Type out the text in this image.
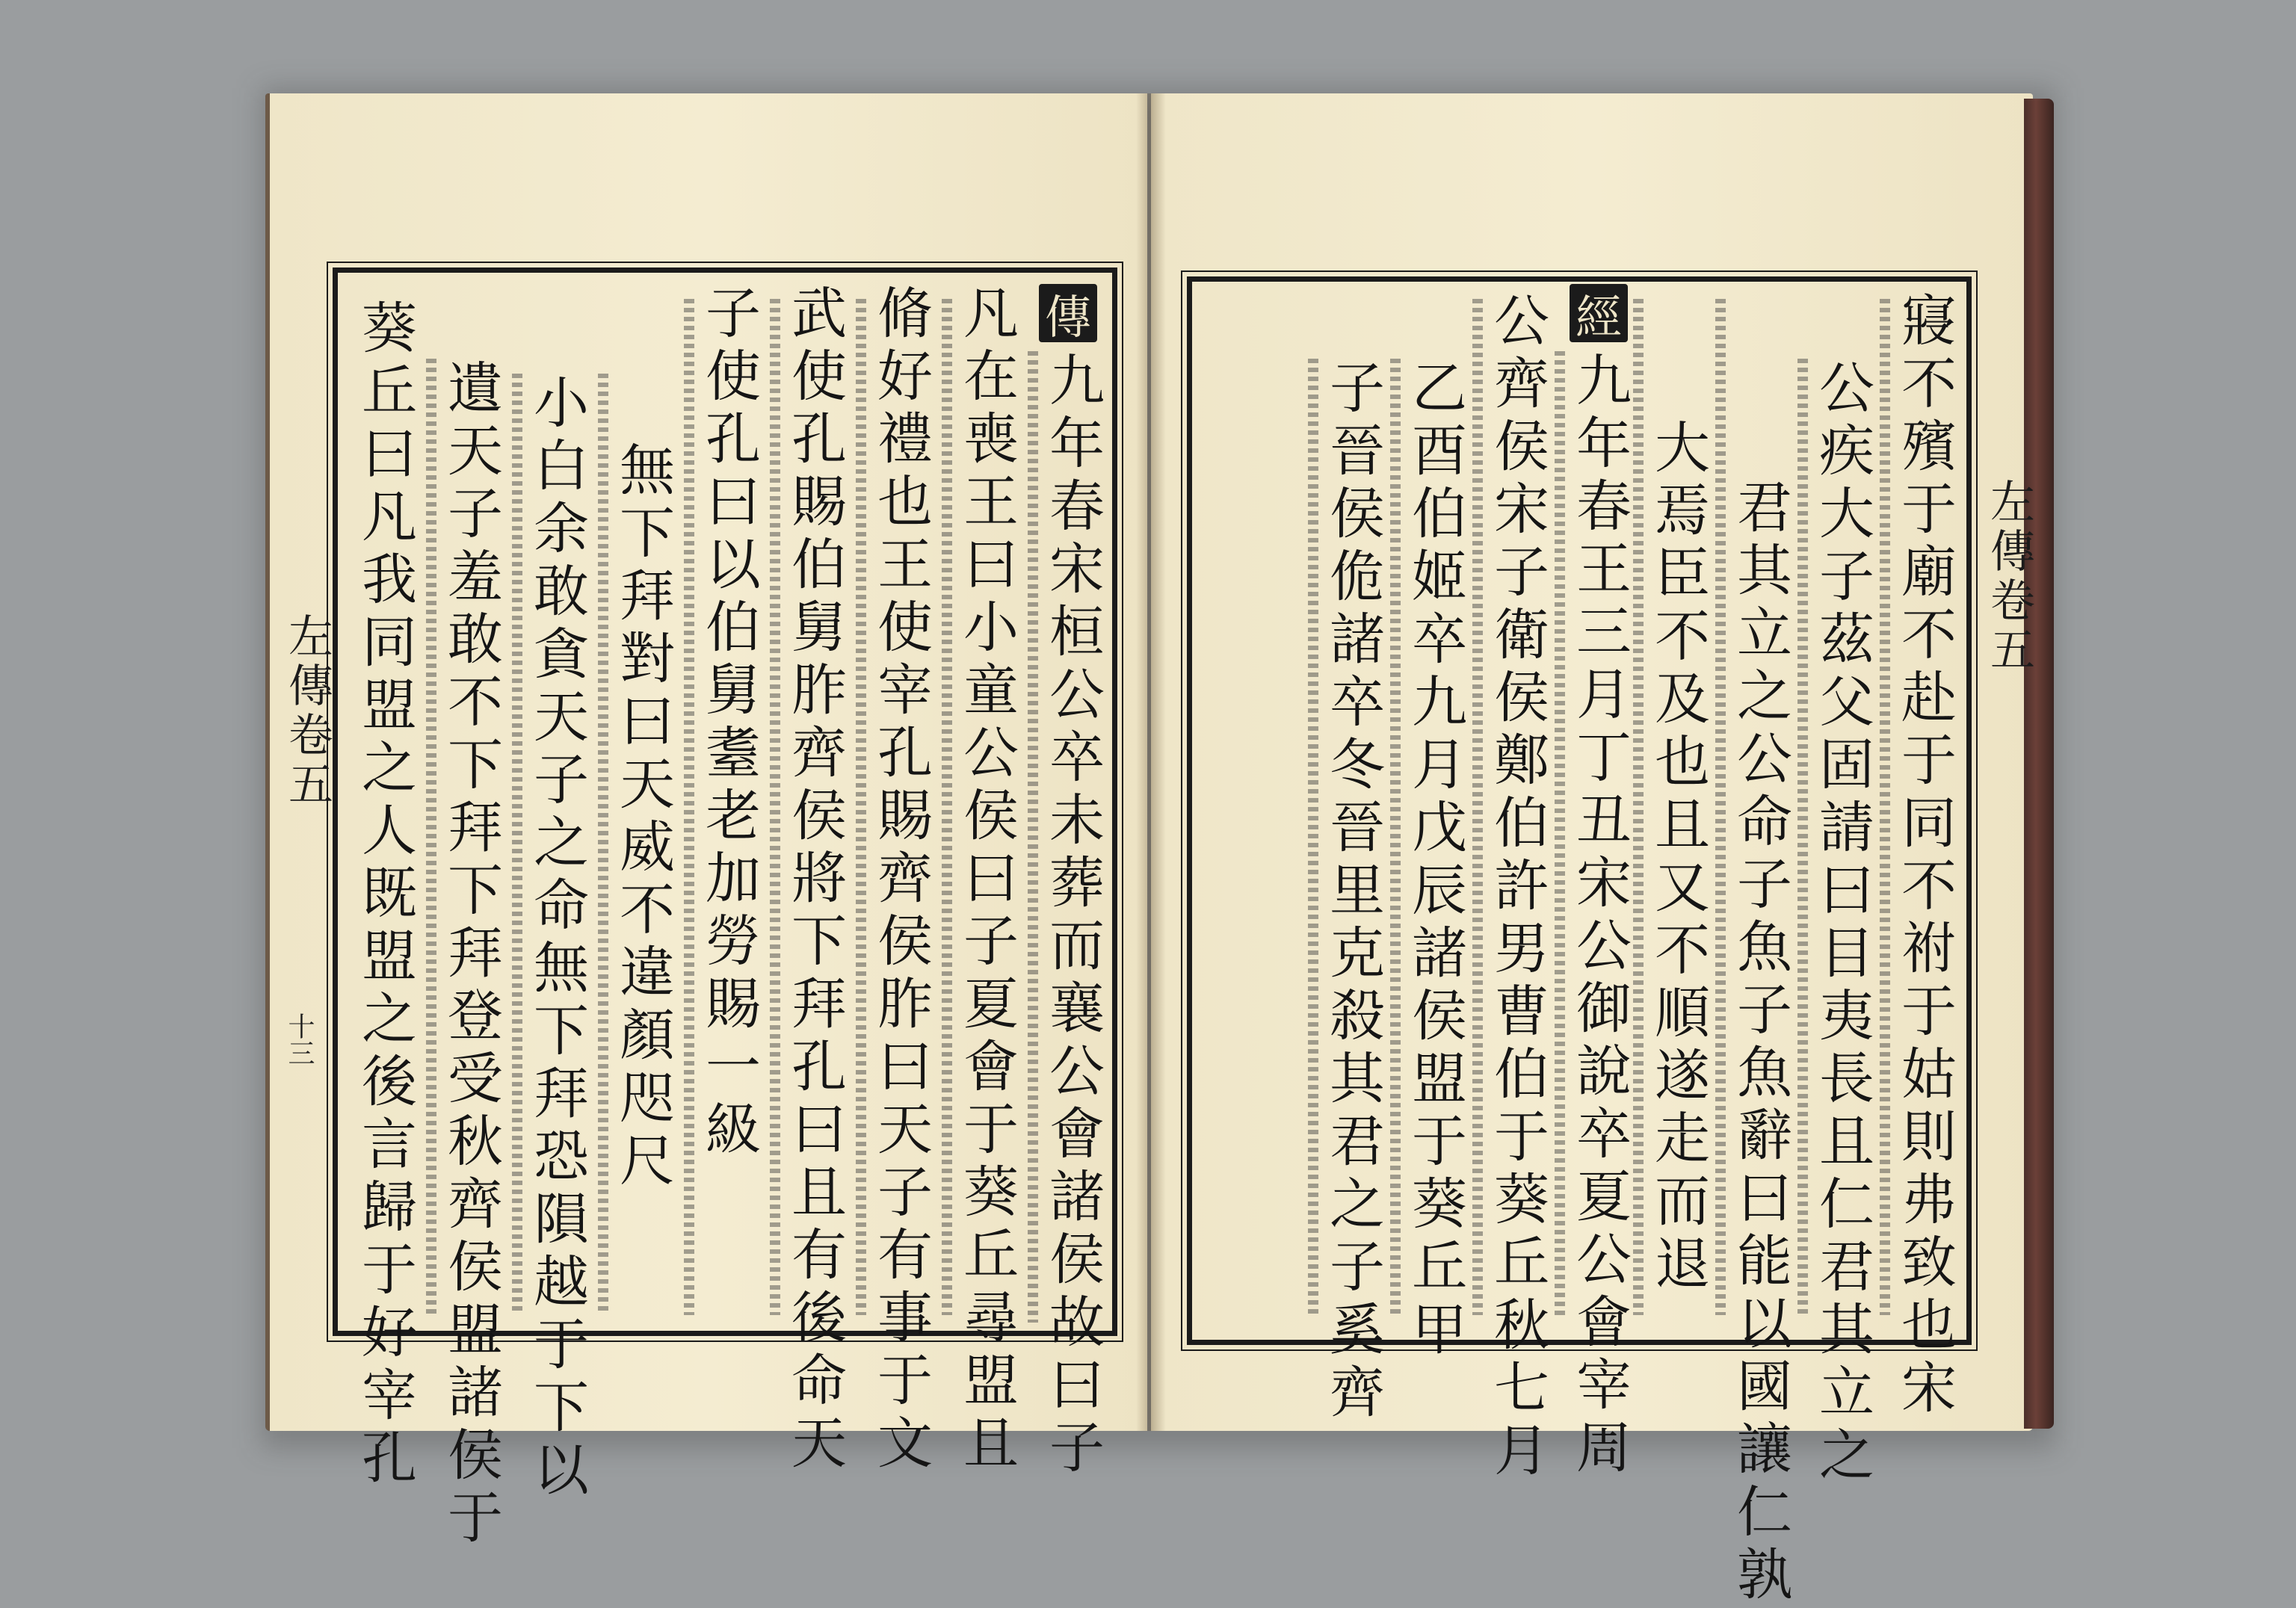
左傳卷五
十三
傳
九年春宋桓公卒未葬而襄公會諸侯故曰子
凡在喪王曰小童公侯曰子夏會于葵丘尋盟且
脩好禮也王使宰孔賜齊侯胙曰天子有事于文
武使孔賜伯舅胙齊侯將下拜孔曰且有後命天
子使孔曰以伯舅耋老加勞賜一級
無下拜對曰天威不違顏咫尺
小白余敢貪天子之命無下拜恐隕越于下以
遺天子羞敢不下拜下拜登受秋齊侯盟諸侯于
葵丘曰凡我同盟之人既盟之後言歸于好宰孔	左傳卷五
寢不殯于廟不赴于同不祔于姑則弗致也宋
公疾大子茲父固請曰目夷長且仁君其立之
君其立之公命子魚子魚辭曰能以國讓仁孰
大焉臣不及也且又不順遂走而退
經
九年春王三月丁丑宋公御說卒夏公會宰周
公齊侯宋子衛侯鄭伯許男曹伯于葵丘秋七月
乙酉伯姬卒九月戊辰諸侯盟于葵丘甲
子晉侯佹諸卒冬晉里克殺其君之子奚齊
